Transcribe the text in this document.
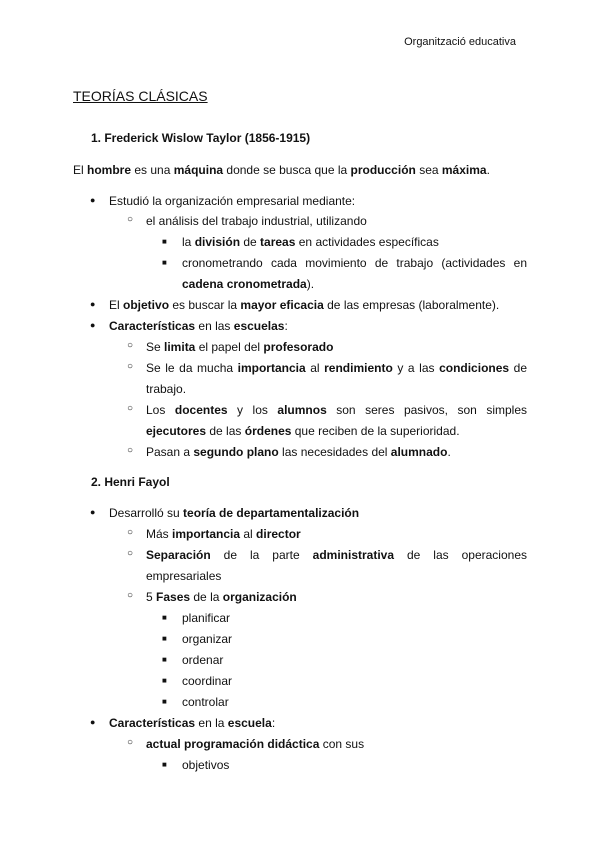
Organització educativa
TEORÍAS CLÁSICAS
1. Frederick Wislow Taylor (1856-1915)
El hombre es una máquina donde se busca que la producción sea máxima.
● Estudió la organización empresarial mediante:
○ el análisis del trabajo industrial, utilizando
■ la división de tareas en actividades específicas
■ cronometrando cada movimiento de trabajo (actividades en
cadena cronometrada).
● El objetivo es buscar la mayor eficacia de las empresas (laboralmente).
● Características en las escuelas:
○ Se limita el papel del profesorado
○ Se le da mucha importancia al rendimiento y a las condiciones de
trabajo.
○ Los docentes y los alumnos son seres pasivos, son simples
ejecutores de las órdenes que reciben de la superioridad.
○ Pasan a segundo plano las necesidades del alumnado.
2. Henri Fayol
● Desarrolló su teoría de departamentalización
○ Más importancia al director
○ Separación de la parte administrativa de las operaciones
empresariales
○ 5 Fases de la organización
■ planificar
■ organizar
■ ordenar
■ coordinar
■ controlar
● Características en la escuela:
○ actual programación didáctica con sus
■ objetivos
